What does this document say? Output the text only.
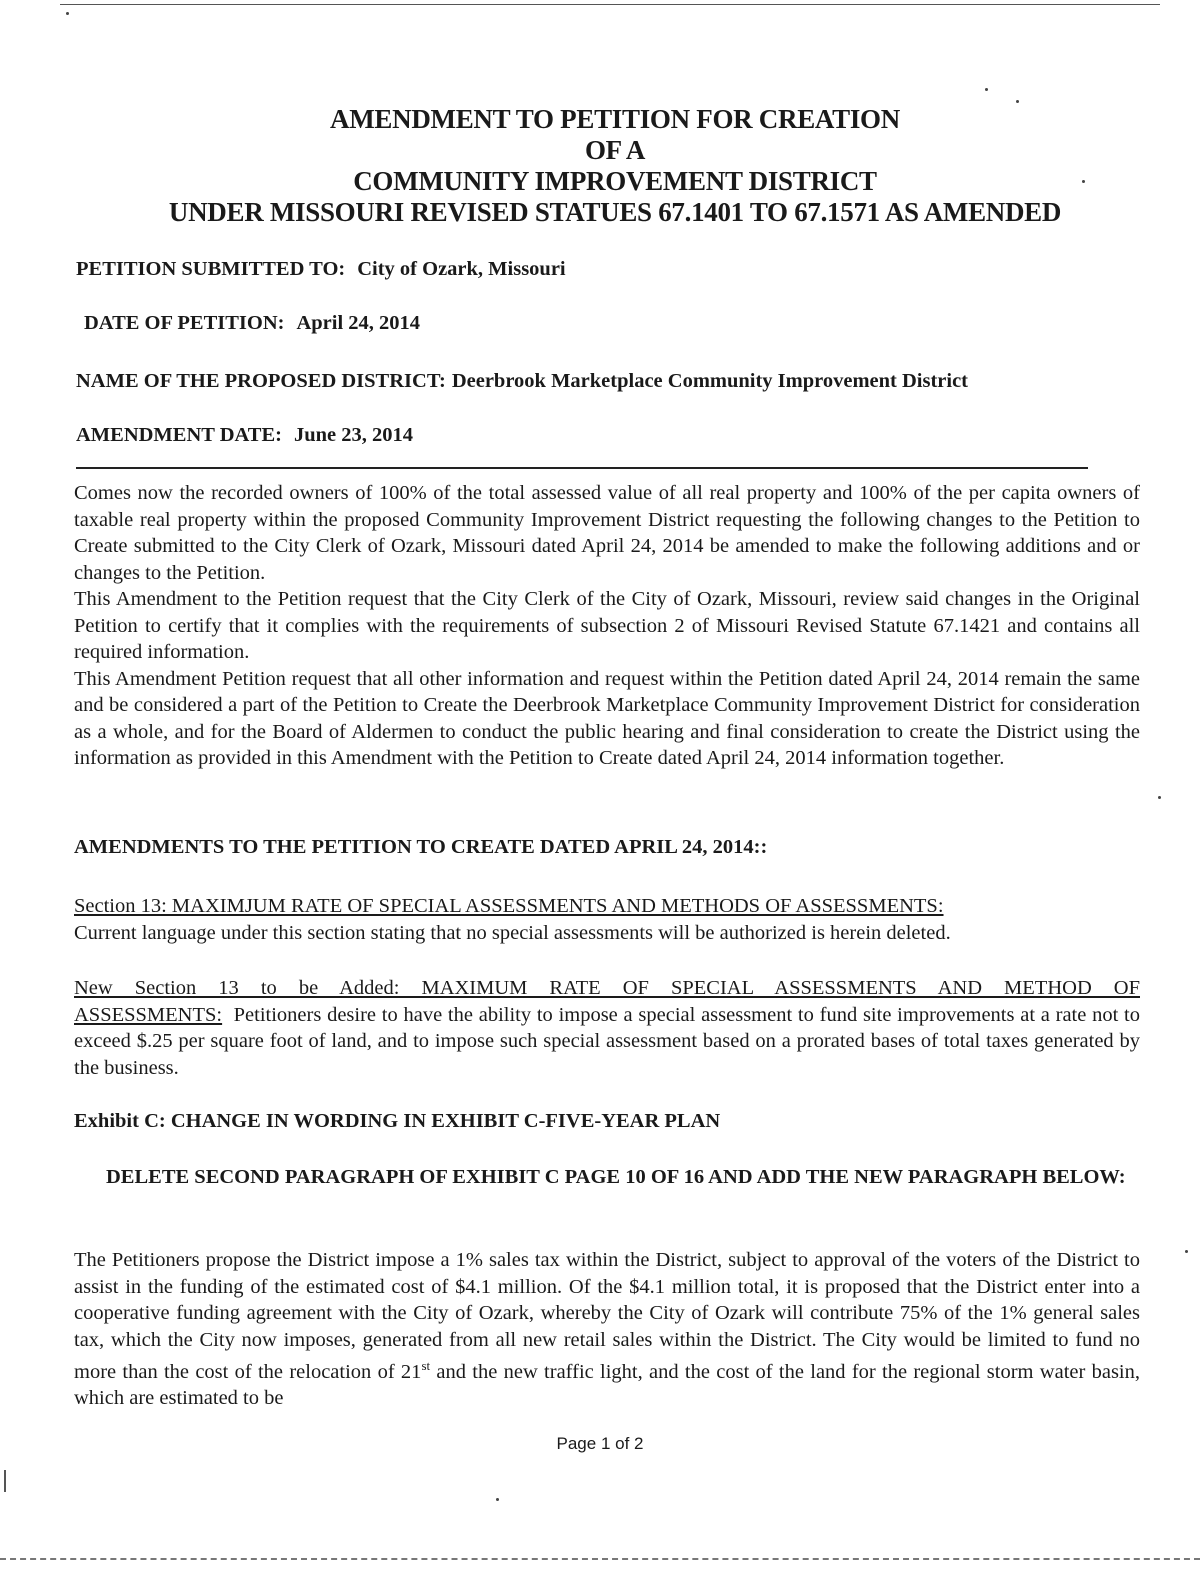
AMENDMENT TO PETITION FOR CREATION
OF A
COMMUNITY IMPROVEMENT DISTRICT
UNDER MISSOURI REVISED STATUES 67.1401 TO 67.1571 AS AMENDED
PETITION SUBMITTED TO: City of Ozark, Missouri
DATE OF PETITION: April 24, 2014
NAME OF THE PROPOSED DISTRICT: Deerbrook Marketplace Community Improvement District
AMENDMENT DATE: June 23, 2014

Comes now the recorded owners of 100% of the total assessed value of all real property and 100% of the per capita owners of taxable real property within the proposed Community Improvement District requesting the following changes to the Petition to Create submitted to the City Clerk of Ozark, Missouri dated April 24, 2014 be amended to make the following additions and or changes to the Petition.

This Amendment to the Petition request that the City Clerk of the City of Ozark, Missouri, review said changes in the Original Petition to certify that it complies with the requirements of subsection 2 of Missouri Revised Statute 67.1421 and contains all required information.

This Amendment Petition request that all other information and request within the Petition dated April 24, 2014 remain the same and be considered a part of the Petition to Create the Deerbrook Marketplace Community Improvement District for consideration as a whole, and for the Board of Aldermen to conduct the public hearing and final consideration to create the District using the information as provided in this Amendment with the Petition to Create dated April 24, 2014 information together.

AMENDMENTS TO THE PETITION TO CREATE DATED APRIL 24, 2014::

Section 13: MAXIMJUM RATE OF SPECIAL ASSESSMENTS AND METHODS OF ASSESSMENTS:

Current language under this section stating that no special assessments will be authorized is herein deleted.

New Section 13 to be Added: MAXIMUM RATE OF SPECIAL ASSESSMENTS AND METHOD OF ASSESSMENTS: Petitioners desire to have the ability to impose a special assessment to fund site improvements at a rate not to exceed $.25 per square foot of land, and to impose such special assessment based on a prorated bases of total taxes generated by the business.

Exhibit C: CHANGE IN WORDING IN EXHIBIT C-FIVE-YEAR PLAN
DELETE SECOND PARAGRAPH OF EXHIBIT C PAGE 10 OF 16 AND ADD THE NEW PARAGRAPH BELOW:

The Petitioners propose the District impose a 1% sales tax within the District, subject to approval of the voters of the District to assist in the funding of the estimated cost of $4.1 million. Of the $4.1 million total, it is proposed that the District enter into a cooperative funding agreement with the City of Ozark, whereby the City of Ozark will contribute 75% of the 1% general sales tax, which the City now imposes, generated from all new retail sales within the District. The City would be limited to fund no more than the cost of the relocation of 21st and the new traffic light, and the cost of the land for the regional storm water basin, which are estimated to be

Page 1 of 2
